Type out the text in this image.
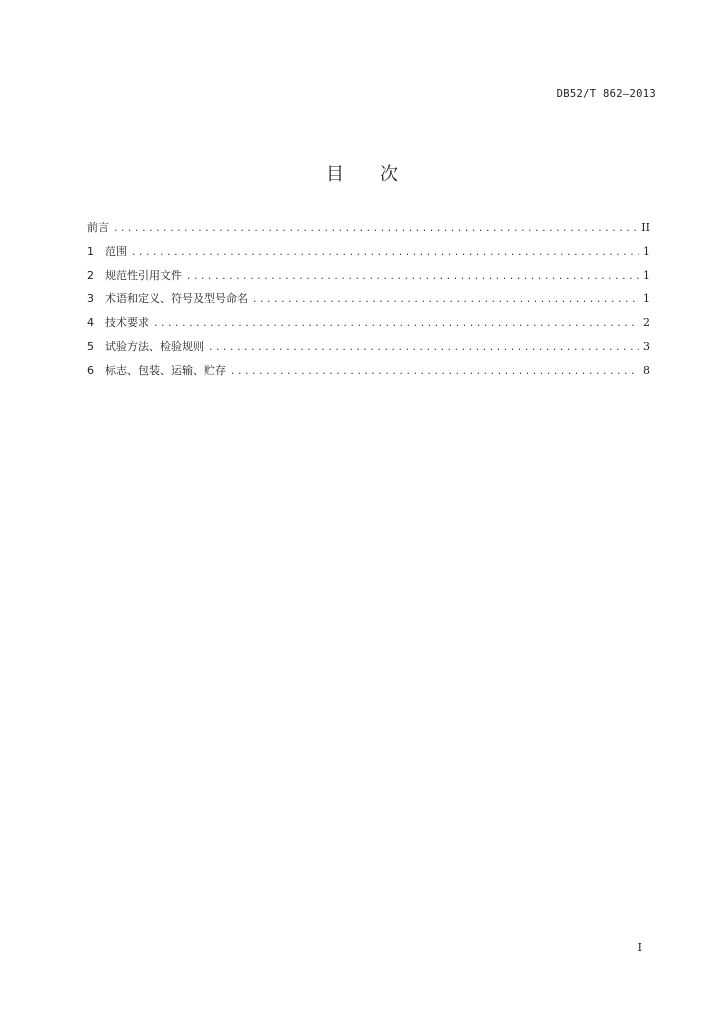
DB52/T 862—2013
目 次
前言 .....	II
1	范围 .....	1
2	规范性引用文件 .....	1
3	术语和定义、符号及型号命名 .....	1
4	技术要求 .....	2
5	试验方法、检验规则 .....	3
6	标志、包装、运输、贮存 .....	8
I
